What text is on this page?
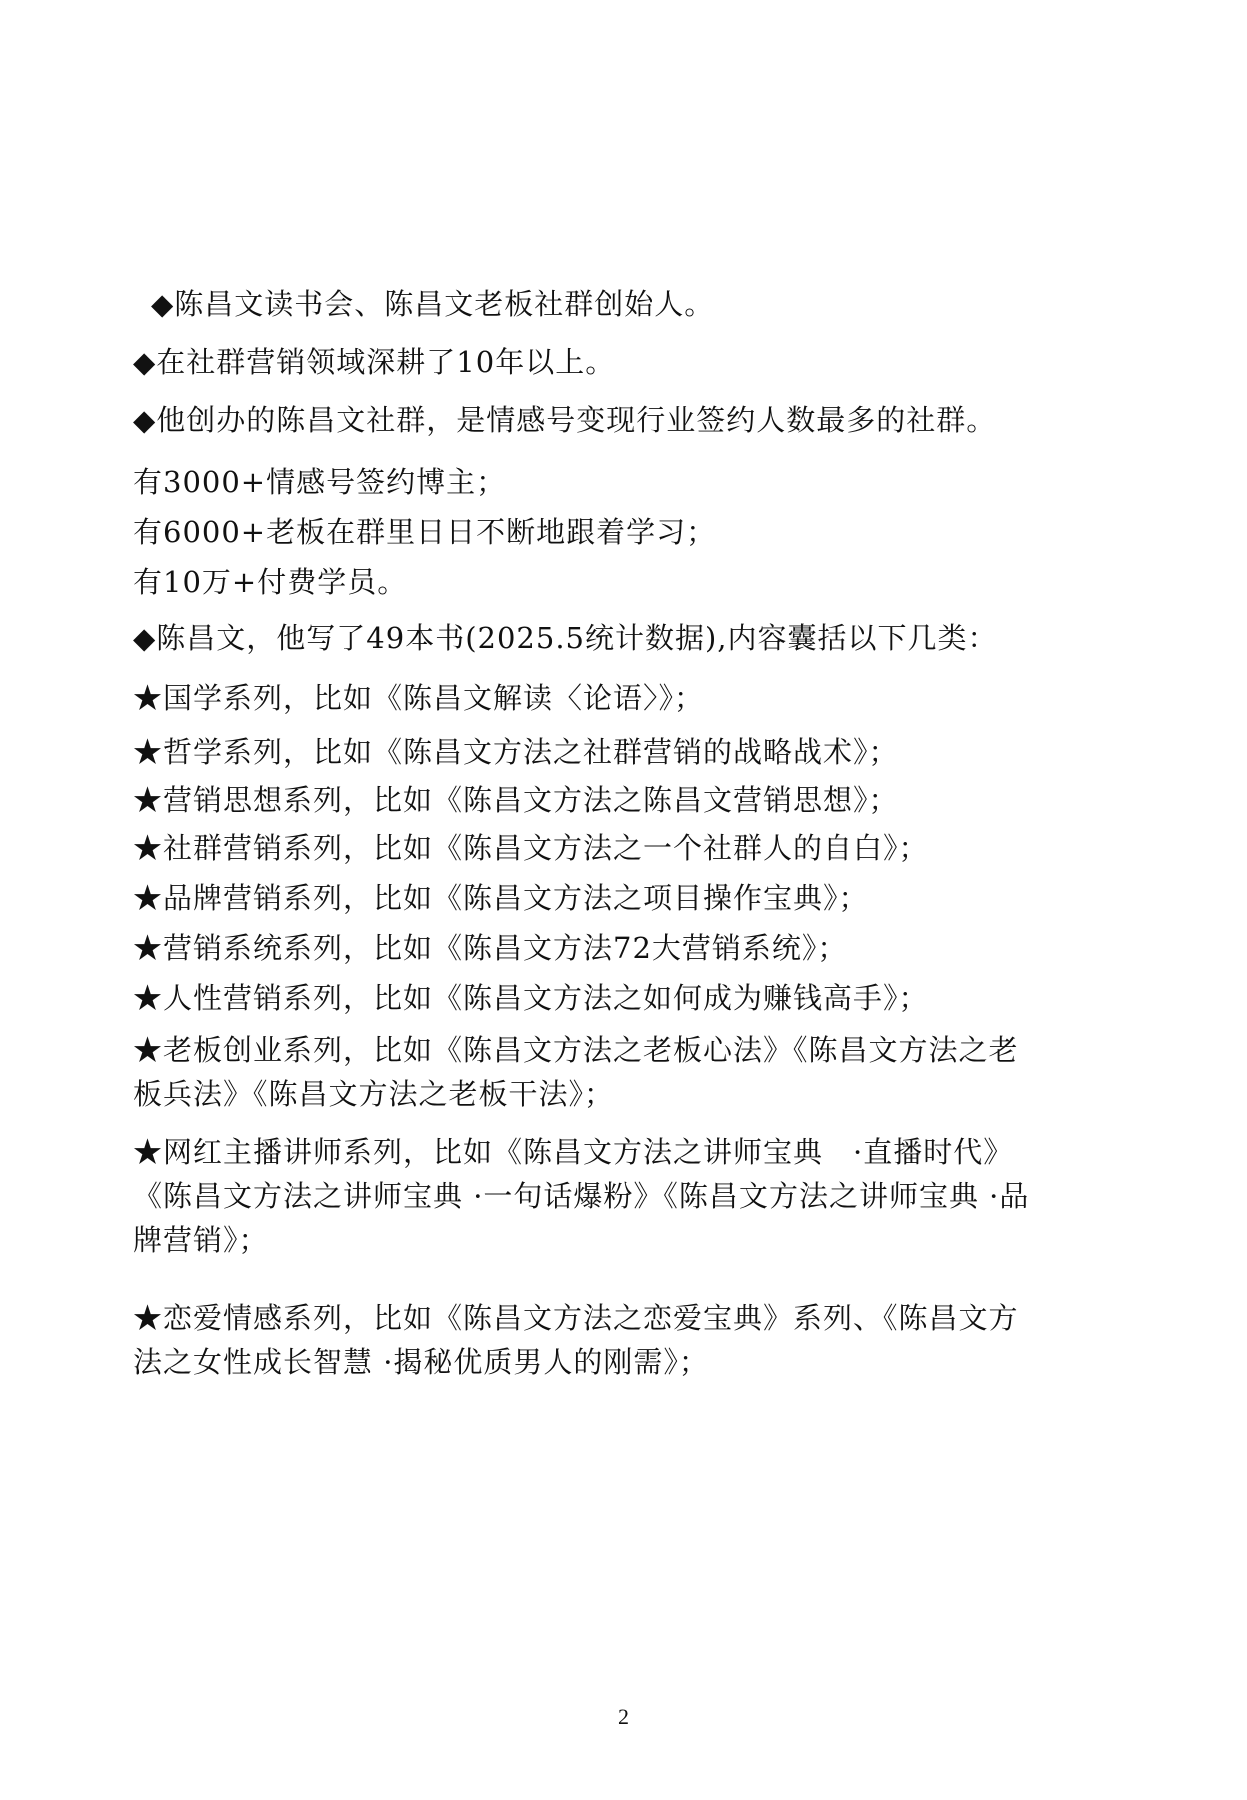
◆陈昌文读书会、陈昌文老板社群创始人。

◆在社群营销领域深耕了10年以上。

◆他创办的陈昌文社群，是情感号变现行业签约人数最多的社群。

有3000+情感号签约博主；

有6000+老板在群里日日不断地跟着学习；

有10万+付费学员。

◆陈昌文，他写了49本书(2025.5统计数据),内容囊括以下几类：

★国学系列，比如《陈昌文解读〈论语〉》；

★哲学系列，比如《陈昌文方法之社群营销的战略战术》；

★营销思想系列，比如《陈昌文方法之陈昌文营销思想》；

★社群营销系列，比如《陈昌文方法之一个社群人的自白》；

★品牌营销系列，比如《陈昌文方法之项目操作宝典》；

★营销系统系列，比如《陈昌文方法72大营销系统》；

★人性营销系列，比如《陈昌文方法之如何成为赚钱高手》；

★老板创业系列，比如《陈昌文方法之老板心法》《陈昌文方法之老板兵法》《陈昌文方法之老板干法》；

★网红主播讲师系列，比如《陈昌文方法之讲师宝典　·直播时代》《陈昌文方法之讲师宝典 ·一句话爆粉》《陈昌文方法之讲师宝典 ·品牌营销》；

★恋爱情感系列，比如《陈昌文方法之恋爱宝典》系列、《陈昌文方法之女性成长智慧 ·揭秘优质男人的刚需》；

2
